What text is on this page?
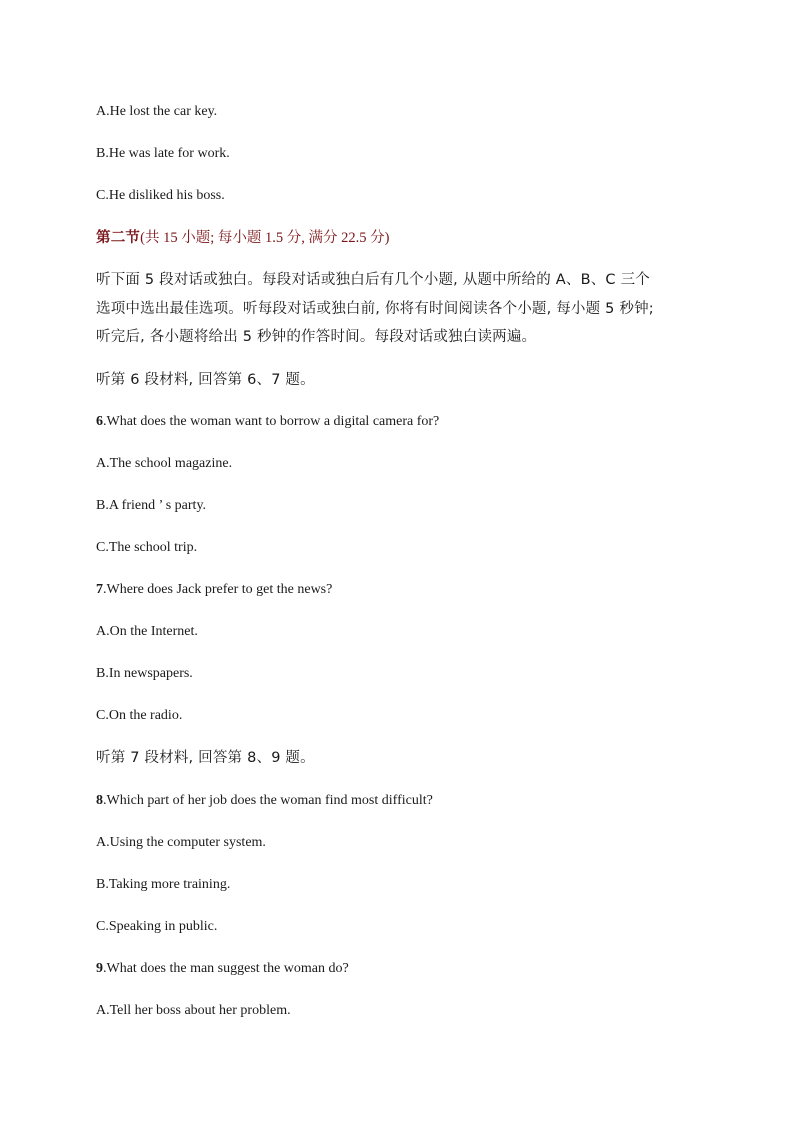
A.He lost the car key.
B.He was late for work.
C.He disliked his boss.
第二节(共 15 小题; 每小题 1.5 分, 满分 22.5 分)
听下面 5 段对话或独白。每段对话或独白后有几个小题, 从题中所给的 A、B、C 三个
选项中选出最佳选项。听每段对话或独白前, 你将有时间阅读各个小题, 每小题 5 秒钟;
听完后, 各小题将给出 5 秒钟的作答时间。每段对话或独白读两遍。
听第 6 段材料, 回答第 6、7 题。
6.What does the woman want to borrow a digital camera for?
A.The school magazine.
B.A friend ’ s party.
C.The school trip.
7.Where does Jack prefer to get the news?
A.On the Internet.
B.In newspapers.
C.On the radio.
听第 7 段材料, 回答第 8、9 题。
8.Which part of her job does the woman find most difficult?
A.Using the computer system.
B.Taking more training.
C.Speaking in public.
9.What does the man suggest the woman do?
A.Tell her boss about her problem.
